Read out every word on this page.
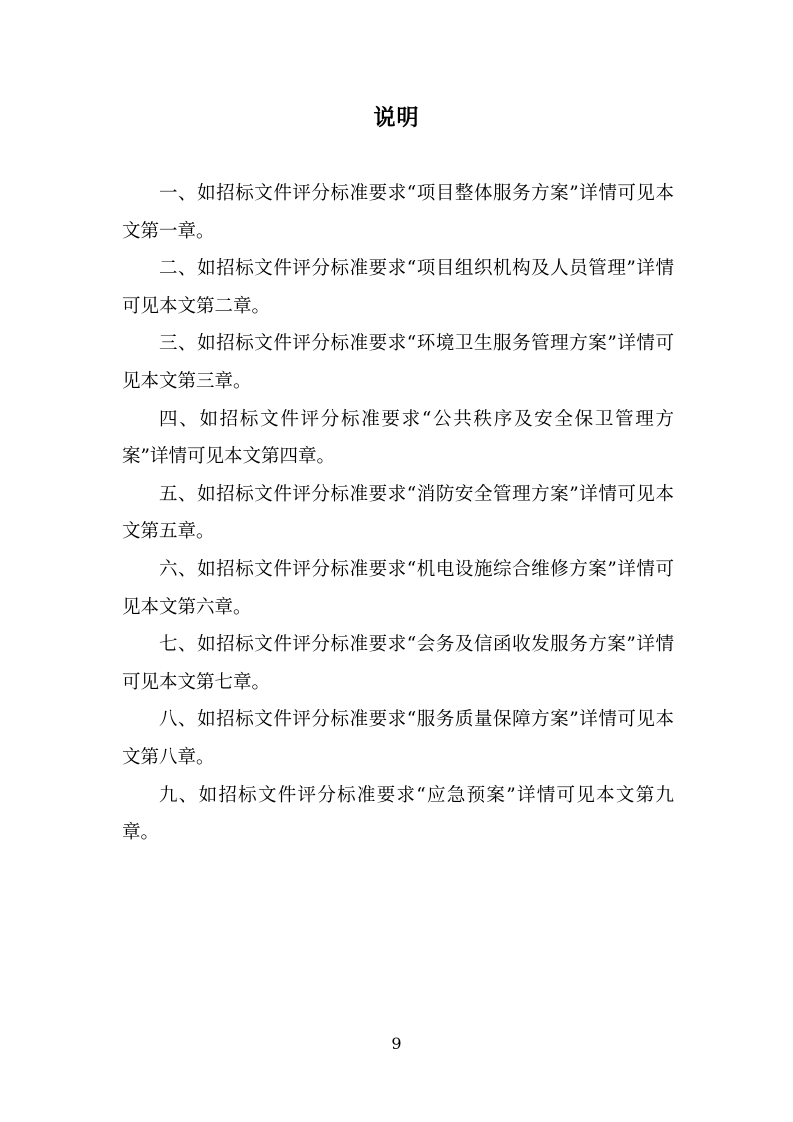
说明

一、如招标文件评分标准要求“项目整体服务方案”详情可见本文第一章。

二、如招标文件评分标准要求“项目组织机构及人员管理”详情可见本文第二章。

三、如招标文件评分标准要求“环境卫生服务管理方案”详情可见本文第三章。

四、如招标文件评分标准要求“公共秩序及安全保卫管理方案”详情可见本文第四章。

五、如招标文件评分标准要求“消防安全管理方案”详情可见本文第五章。

六、如招标文件评分标准要求“机电设施综合维修方案”详情可见本文第六章。

七、如招标文件评分标准要求“会务及信函收发服务方案”详情可见本文第七章。

八、如招标文件评分标准要求“服务质量保障方案”详情可见本文第八章。

九、如招标文件评分标准要求“应急预案”详情可见本文第九章。

9
